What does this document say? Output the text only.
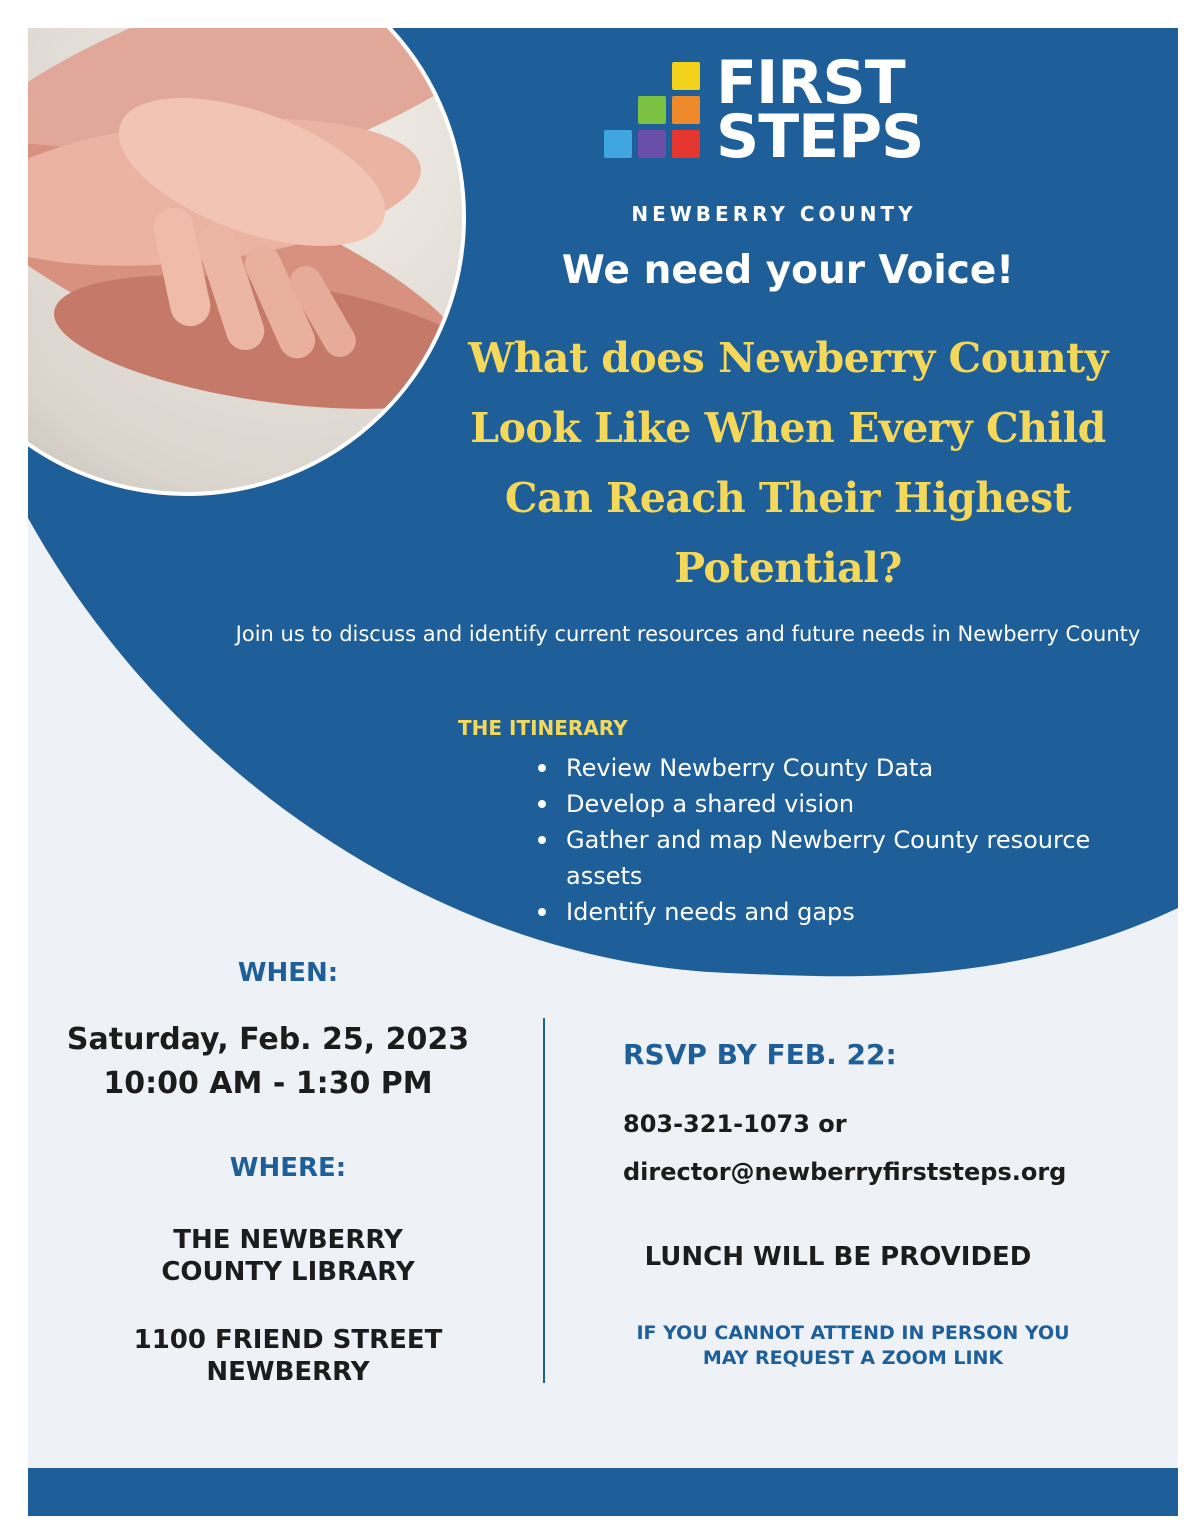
FIRST
STEPS
NEWBERRY COUNTY
We need your Voice!
What does Newberry County Look Like When Every Child Can Reach Their Highest Potential?
Join us to discuss and identify current resources and future needs in Newberry County
THE ITINERARY
Review Newberry County Data
Develop a shared vision
Gather and map Newberry County resource assets
Identify needs and gaps
WHEN:
Saturday, Feb. 25, 2023
10:00 AM - 1:30 PM
WHERE:
THE NEWBERRY
COUNTY LIBRARY
1100 FRIEND STREET
NEWBERRY
RSVP BY FEB. 22:
803-321-1073 or
director@newberryfirststeps.org
LUNCH WILL BE PROVIDED
IF YOU CANNOT ATTEND IN PERSON YOU MAY REQUEST A ZOOM LINK
